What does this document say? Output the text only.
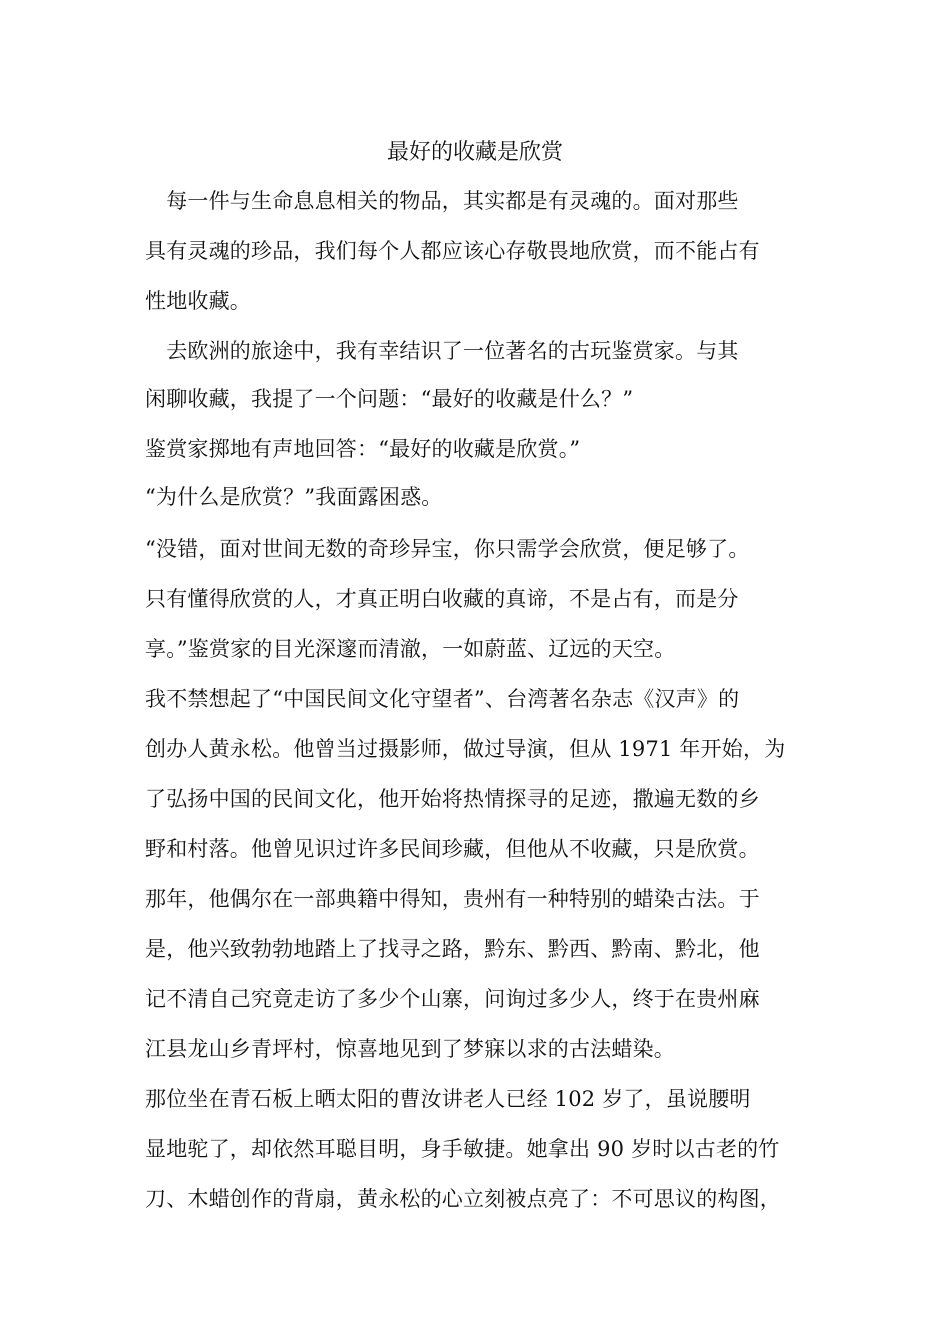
最好的收藏是欣赏
　每一件与生命息息相关的物品，其实都是有灵魂的。面对那些
具有灵魂的珍品，我们每个人都应该心存敬畏地欣赏，而不能占有
性地收藏。
　去欧洲的旅途中，我有幸结识了一位著名的古玩鉴赏家。与其
闲聊收藏，我提了一个问题：“最好的收藏是什么？”
鉴赏家掷地有声地回答：“最好的收藏是欣赏。”
“为什么是欣赏？”我面露困惑。
“没错，面对世间无数的奇珍异宝，你只需学会欣赏，便足够了。
只有懂得欣赏的人，才真正明白收藏的真谛，不是占有，而是分
享。”鉴赏家的目光深邃而清澈，一如蔚蓝、辽远的天空。
我不禁想起了“中国民间文化守望者”、台湾著名杂志《汉声》的
创办人黄永松。他曾当过摄影师，做过导演，但从 1971 年开始，为
了弘扬中国的民间文化，他开始将热情探寻的足迹，撒遍无数的乡
野和村落。他曾见识过许多民间珍藏，但他从不收藏，只是欣赏。
那年，他偶尔在一部典籍中得知，贵州有一种特别的蜡染古法。于
是，他兴致勃勃地踏上了找寻之路，黔东、黔西、黔南、黔北，他
记不清自己究竟走访了多少个山寨，问询过多少人，终于在贵州麻
江县龙山乡青坪村，惊喜地见到了梦寐以求的古法蜡染。
那位坐在青石板上晒太阳的曹汝讲老人已经 102 岁了，虽说腰明
显地驼了，却依然耳聪目明，身手敏捷。她拿出 90 岁时以古老的竹
刀、木蜡创作的背扇，黄永松的心立刻被点亮了：不可思议的构图，
